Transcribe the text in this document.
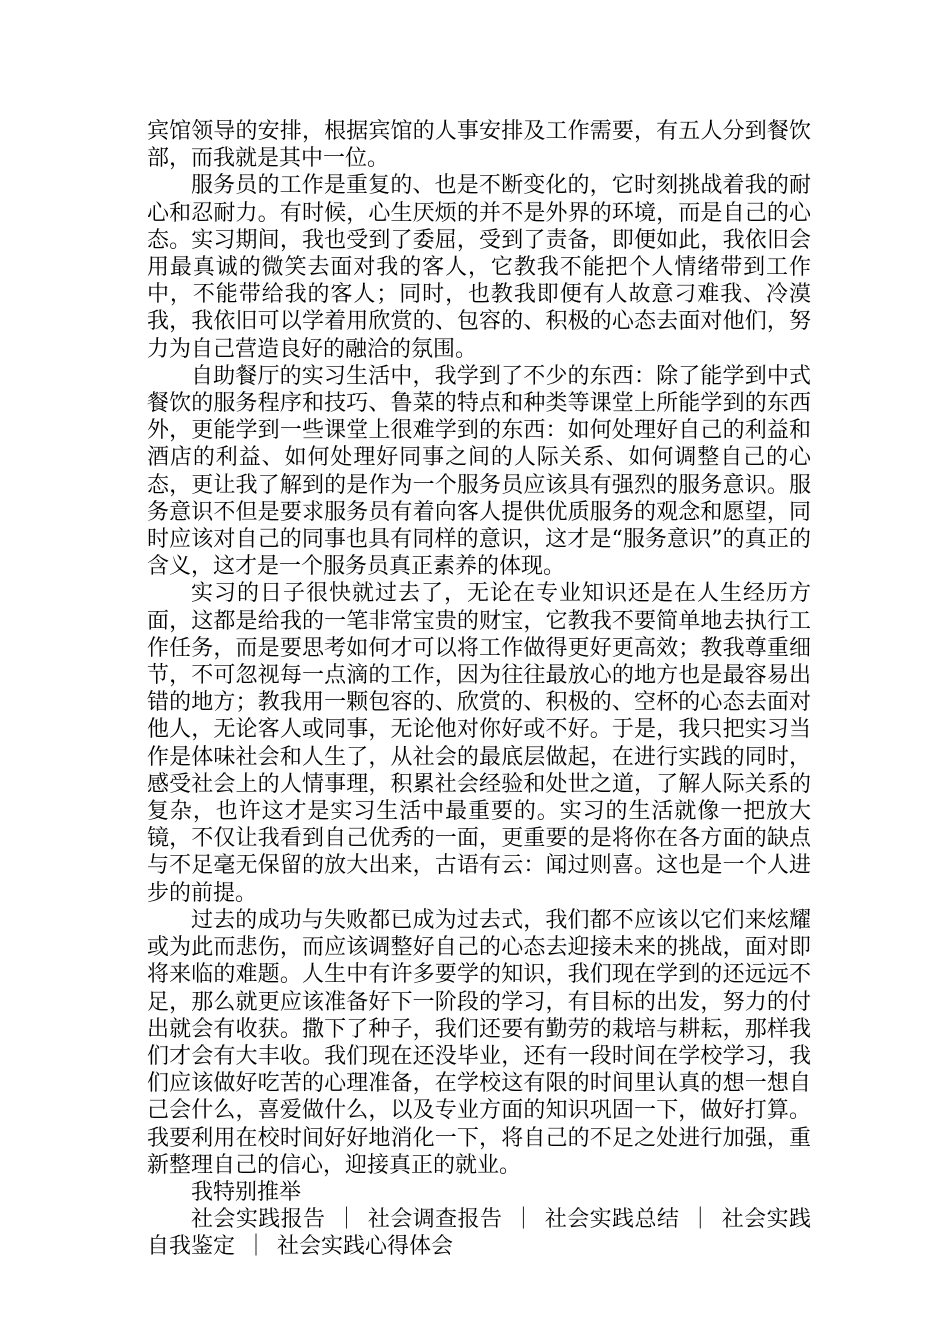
宾馆领导的安排，根据宾馆的人事安排及工作需要，有五人分到餐饮部，而我就是其中一位。

服务员的工作是重复的、也是不断变化的，它时刻挑战着我的耐心和忍耐力。有时候，心生厌烦的并不是外界的环境，而是自己的心态。实习期间，我也受到了委屈，受到了责备，即便如此，我依旧会用最真诚的微笑去面对我的客人，它教我不能把个人情绪带到工作中，不能带给我的客人；同时，也教我即便有人故意刁难我、冷漠我，我依旧可以学着用欣赏的、包容的、积极的心态去面对他们，努力为自己营造良好的融洽的氛围。

自助餐厅的实习生活中，我学到了不少的东西：除了能学到中式餐饮的服务程序和技巧、鲁菜的特点和种类等课堂上所能学到的东西外，更能学到一些课堂上很难学到的东西：如何处理好自己的利益和酒店的利益、如何处理好同事之间的人际关系、如何调整自己的心态，更让我了解到的是作为一个服务员应该具有强烈的服务意识。服务意识不但是要求服务员有着向客人提供优质服务的观念和愿望，同时应该对自己的同事也具有同样的意识，这才是“服务意识”的真正的含义，这才是一个服务员真正素养的体现。

实习的日子很快就过去了，无论在专业知识还是在人生经历方面，这都是给我的一笔非常宝贵的财宝，它教我不要简单地去执行工作任务，而是要思考如何才可以将工作做得更好更高效；教我尊重细节，不可忽视每一点滴的工作，因为往往最放心的地方也是最容易出错的地方；教我用一颗包容的、欣赏的、积极的、空杯的心态去面对他人，无论客人或同事，无论他对你好或不好。于是，我只把实习当作是体味社会和人生了，从社会的最底层做起，在进行实践的同时，感受社会上的人情事理，积累社会经验和处世之道，了解人际关系的复杂，也许这才是实习生活中最重要的。实习的生活就像一把放大镜，不仅让我看到自己优秀的一面，更重要的是将你在各方面的缺点与不足毫无保留的放大出来，古语有云：闻过则喜。这也是一个人进步的前提。

过去的成功与失败都已成为过去式，我们都不应该以它们来炫耀或为此而悲伤，而应该调整好自己的心态去迎接未来的挑战，面对即将来临的难题。人生中有许多要学的知识，我们现在学到的还远远不足，那么就更应该准备好下一阶段的学习，有目标的出发，努力的付出就会有收获。撒下了种子，我们还要有勤劳的栽培与耕耘，那样我们才会有大丰收。我们现在还没毕业，还有一段时间在学校学习，我们应该做好吃苦的心理准备，在学校这有限的时间里认真的想一想自己会什么，喜爱做什么，以及专业方面的知识巩固一下，做好打算。我要利用在校时间好好地消化一下，将自己的不足之处进行加强，重新整理自己的信心，迎接真正的就业。

我特别推举

社会实践报告 ｜ 社会调查报告 ｜ 社会实践总结 ｜ 社会实践自我鉴定 ｜ 社会实践心得体会
